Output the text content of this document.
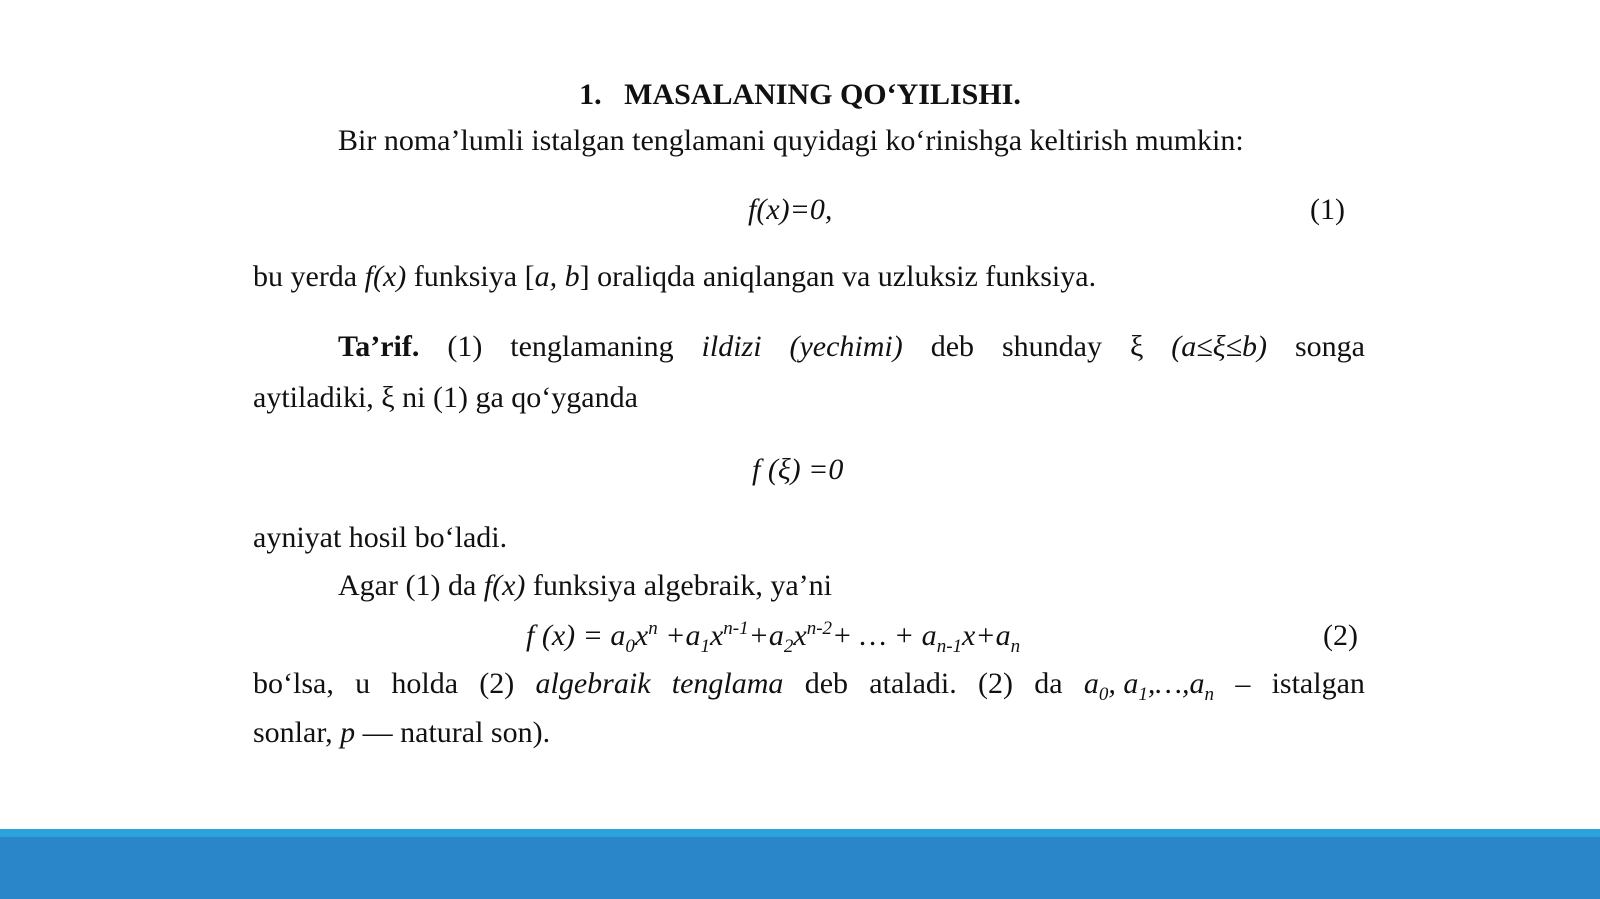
1. MASALANING QO‘YILISHI.
Bir noma’lumli istalgan tenglamani quyidagi ko‘rinishga keltirish mumkin:
f(x)=0,	(1)
bu yerda f(x) funksiya [a, b] oraliqda aniqlangan va uzluksiz funksiya.
Ta’rif. (1) tenglamaning ildizi (yechimi) deb shunday ξ (a≤ξ≤b) songa
aytiladiki, ξ ni (1) ga qo‘yganda
f (ξ) =0
ayniyat hosil bo‘ladi.
Agar (1) da f(x) funksiya algebraik, ya’ni
f $(x) = a_0x^n +a_1x^{n-1}+a_2x^{n-2}+$ … + $a_{n-1}x+a_n$	(2)
bo‘lsa, u holda (2) algebraik tenglama deb ataladi. (2) da $a_0$, $a_1,\dots,a_n$ – istalgan
sonlar, p — natural son).
